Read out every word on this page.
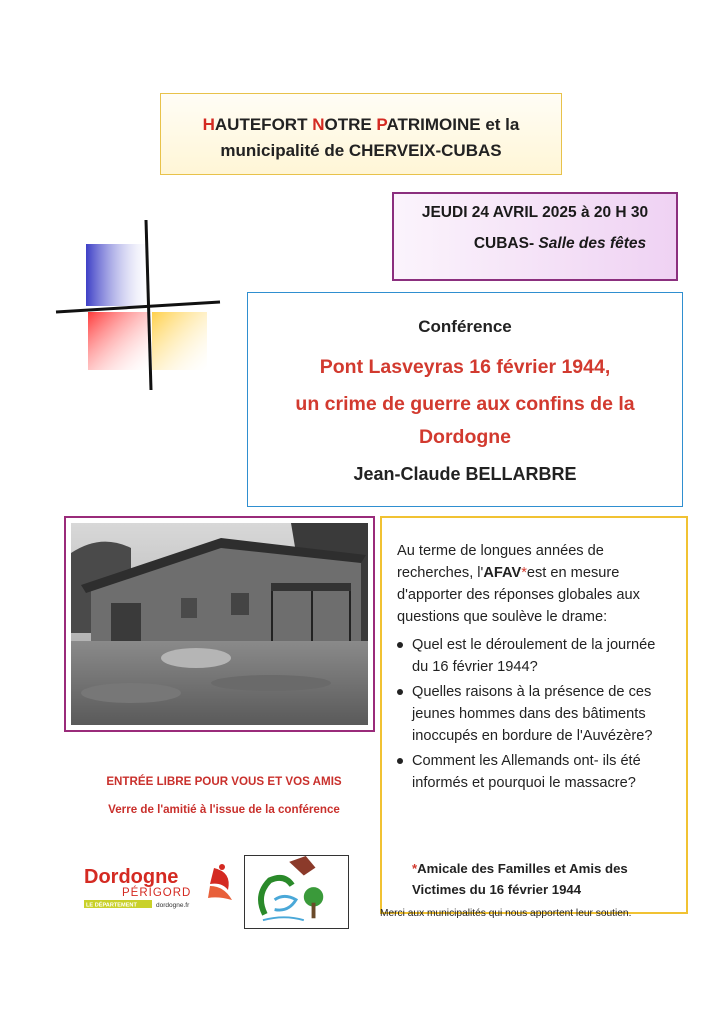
HAUTEFORT NOTRE PATRIMOINE et la
municipalité de CHERVEIX-CUBAS
JEUDI 24 AVRIL 2025 à 20 H 30
CUBAS- Salle des fêtes
Conférence
Pont Lasveyras 16 février 1944,
un crime de guerre aux confins de la
Dordogne
Jean-Claude BELLARBRE

Au terme de longues années de recherches, l'AFAV*est en mesure d'apporter des réponses globales aux questions que soulève le drame:

Quel est le déroulement de la journée du 16 février 1944?
Quelles raisons à la présence de ces jeunes hommes dans des bâtiments inoccupés en bordure de l'Auvézère?
Comment les Allemands ont- ils été informés et pourquoi le massacre?
*Amicale des Familles et Amis des Victimes du 16 février 1944
ENTRÉE LIBRE POUR VOUS ET VOS AMIS
Verre de l'amitié à l'issue de la conférence
Dordogne
PÉRIGORD
LE DÉPARTEMENT	dordogne.fr
Merci aux municipalités qui nous apportent leur soutien.
